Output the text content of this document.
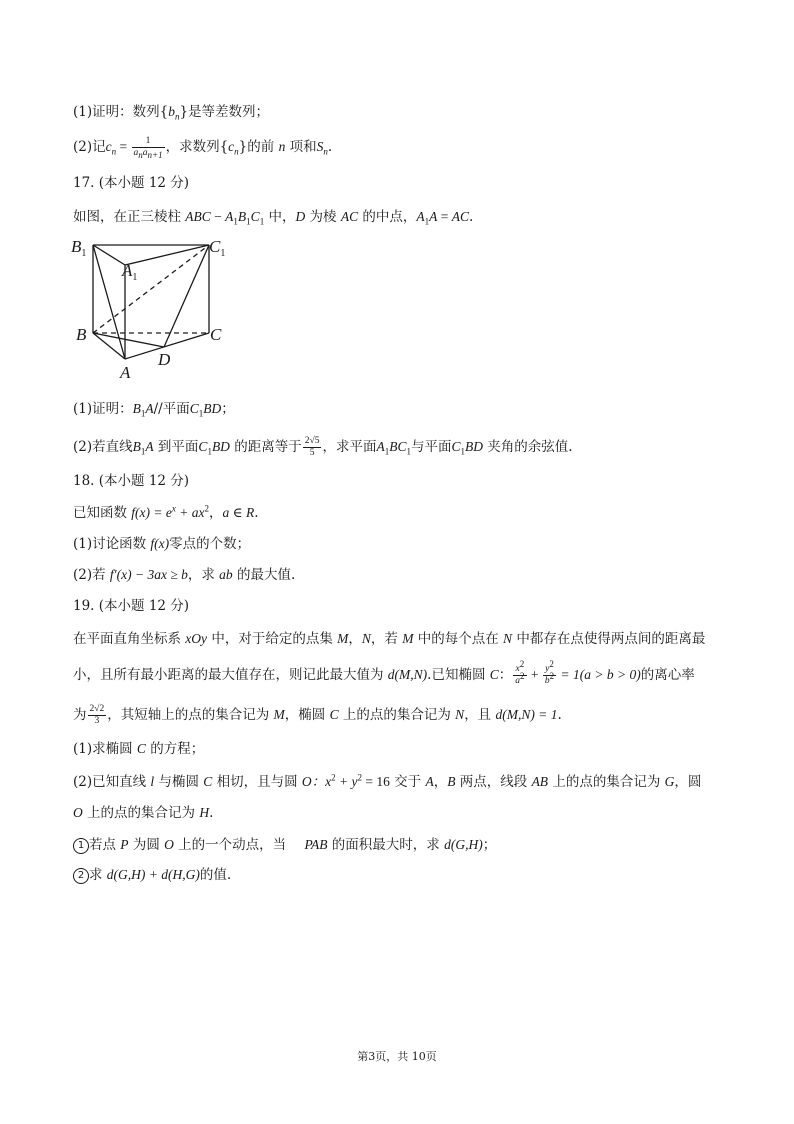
(1)证明：数列$\{b_n\}$是等差数列；
(2)记$c_n = \frac{1}{a_na_{n+1}}$ ，求数列$\{c_n\}$的前 n 项和$S_n$.
17. (本小题 12 分)
如图，在正三棱柱 ABC − $A_1B_1C_1$ 中，D 为棱 AC 的中点，$A_1A$ = AC.
$B_1$
$A_1$
$C_1$
B	C
D
A
(1)证明：$B_1A//$平面$C_1BD$；
(2)若直线$B_1A$ 到平面$C_1BD$ 的距离等于 $\frac{2√5}{5}$ ，求平面$A_1BC_1$与平面$C_1BD$ 夹角的余弦值.
18. (本小题 12 分)
已知函数 $f(x) = e^x + ax^2$，a ∈ R.
(1)讨论函数 f(x)零点的个数；
(2)若 f′(x) − 3ax ≥ b，求 ab 的最大值.
19. (本小题 12 分)
在平面直角坐标系 xOy 中，对于给定的点集 M，N，若 M 中的每个点在 N 中都存在点使得两点间的距离最
小，且所有最小距离的最大值存在，则记此最大值为 d(M,N).已知椭圆 C： $\frac{x^2}{a^2} + \frac{y^2}{b^2} = 1(a > b > 0)$的离心率
为 $\frac{2√2}{3}$ ，其短轴上的点的集合记为 M，椭圆 C 上的点的集合记为 N，且 d(M,N) = 1.
(1)求椭圆 C 的方程；
(2)已知直线 l 与椭圆 C 相切，且与圆 O：$x^2 + y^2 = 16$ 交于 A，B 两点，线段 AB 上的点的集合记为 G，圆
O 上的点的集合记为 H.
1 若点 P 为圆 O 上的一个动点，当 PAB 的面积最大时，求 d(G,H)；
2 求 d(G,H) + d(H,G)的值.
第3页，共 10页
